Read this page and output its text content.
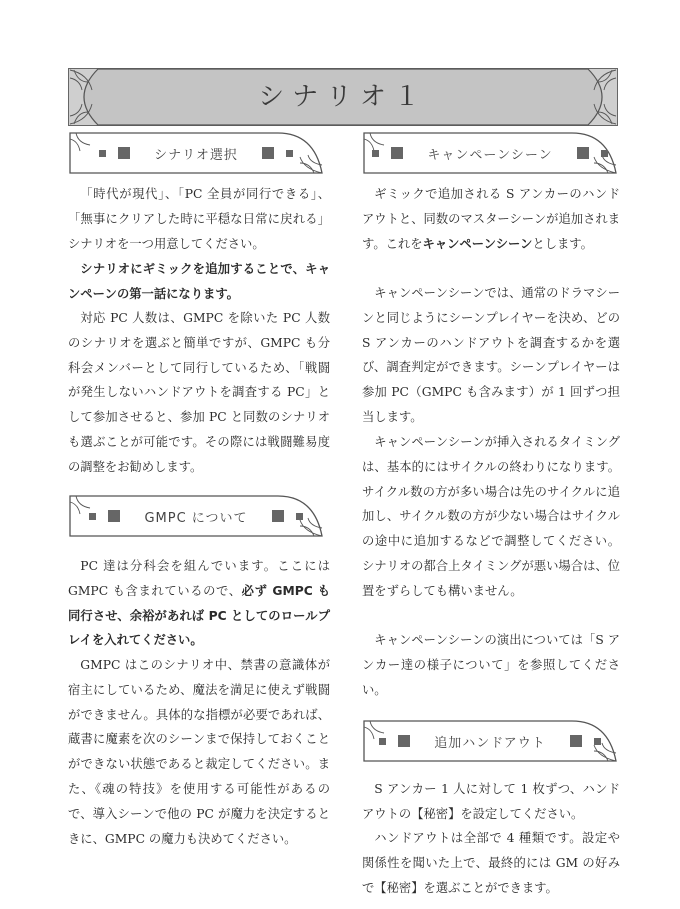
シナリオ１
シナリオ選択

「時代が現代」、「PC 全員が同行できる」、「無事にクリアした時に平穏な日常に戻れる」シナリオを一つ用意してください。

シナリオにギミックを追加することで、キャンペーンの第一話になります。

対応 PC 人数は、GMPC を除いた PC 人数のシナリオを選ぶと簡単ですが、GMPC も分科会メンバーとして同行しているため、「戦闘が発生しないハンドアウトを調査する PC」として参加させると、参加 PC と同数のシナリオも選ぶことが可能です。その際には戦闘難易度の調整をお勧めします。

GMPC について

PC 達は分科会を組んでいます。ここには GMPC も含まれているので、必ず GMPC も同行させ、余裕があれば PC としてのロールプレイを入れてください。

GMPC はこのシナリオ中、禁書の意識体が宿主にしているため、魔法を満足に使えず戦闘ができません。具体的な指標が必要であれば、蔵書に魔素を次のシーンまで保持しておくことができない状態であると裁定してください。また、《魂の特技》を使用する可能性があるので、導入シーンで他の PC が魔力を決定するときに、GMPC の魔力も決めてください。

キャンペーンシーン

ギミックで追加される S アンカーのハンドアウトと、同数のマスターシーンが追加されます。これをキャンペーンシーンとします。

キャンペーンシーンでは、通常のドラマシーンと同じようにシーンプレイヤーを決め、どの S アンカーのハンドアウトを調査するかを選び、調査判定ができます。シーンプレイヤーは参加 PC（GMPC も含みます）が 1 回ずつ担当します。

キャンペーンシーンが挿入されるタイミングは、基本的にはサイクルの終わりになります。サイクル数の方が多い場合は先のサイクルに追加し、サイクル数の方が少ない場合はサイクルの途中に追加するなどで調整してください。シナリオの都合上タイミングが悪い場合は、位置をずらしても構いません。

キャンペーンシーンの演出については「S アンカー達の様子について」を参照してください。

追加ハンドアウト

S アンカー 1 人に対して 1 枚ずつ、ハンドアウトの【秘密】を設定してください。

ハンドアウトは全部で 4 種類です。設定や関係性を聞いた上で、最終的には GM の好みで【秘密】を選ぶことができます。
